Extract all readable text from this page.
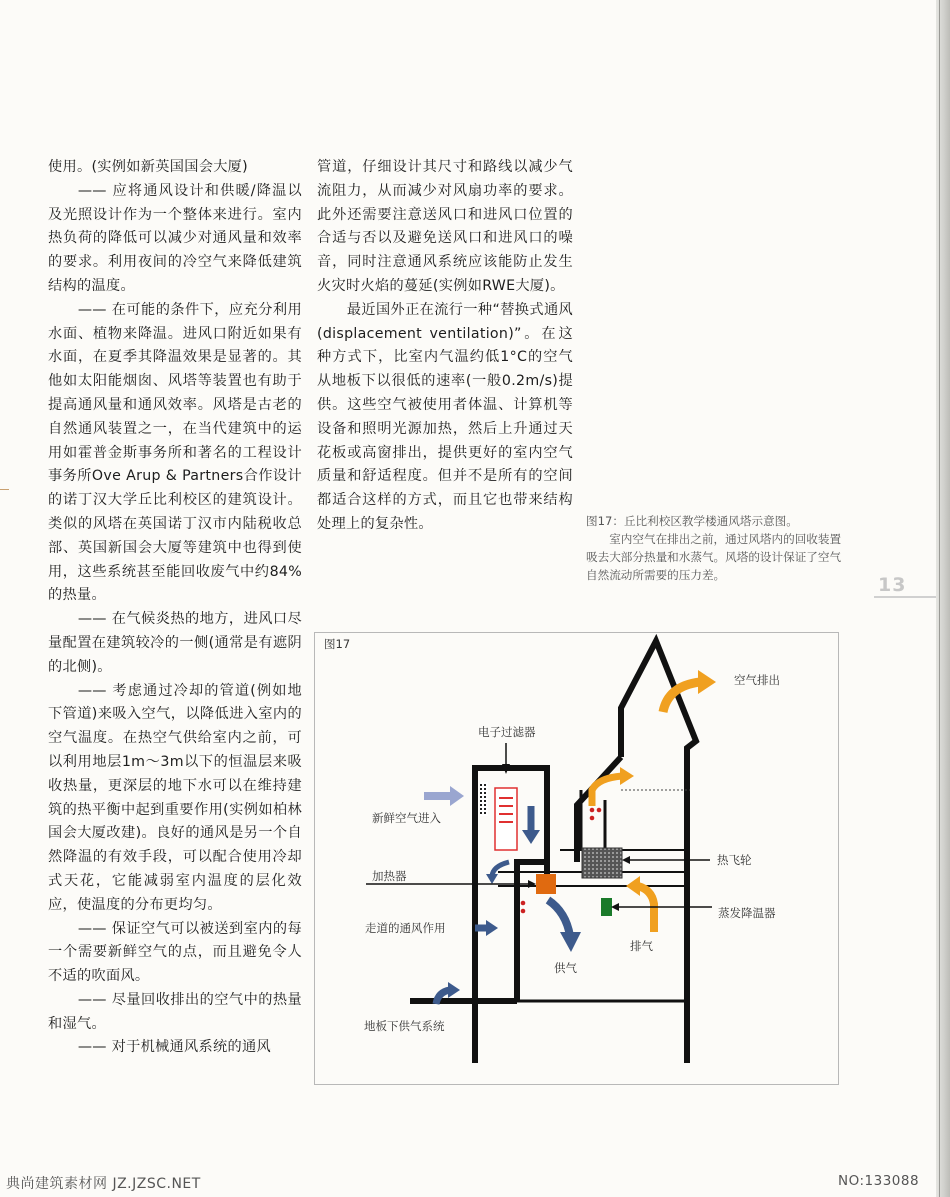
使用。(实例如新英国国会大厦)

—— 应将通风设计和供暖/降温以及光照设计作为一个整体来进行。室内热负荷的降低可以减少对通风量和效率的要求。利用夜间的冷空气来降低建筑结构的温度。

—— 在可能的条件下，应充分利用水面、植物来降温。进风口附近如果有水面，在夏季其降温效果是显著的。其他如太阳能烟囱、风塔等装置也有助于提高通风量和通风效率。风塔是古老的自然通风装置之一，在当代建筑中的运用如霍普金斯事务所和著名的工程设计事务所Ove Arup & Partners合作设计的诺丁汉大学丘比利校区的建筑设计。类似的风塔在英国诺丁汉市内陆税收总部、英国新国会大厦等建筑中也得到使用，这些系统甚至能回收废气中约84%的热量。

—— 在气候炎热的地方，进风口尽量配置在建筑较冷的一侧(通常是有遮阴的北侧)。

—— 考虑通过冷却的管道(例如地下管道)来吸入空气，以降低进入室内的空气温度。在热空气供给室内之前，可以利用地层1m～3m以下的恒温层来吸收热量，更深层的地下水可以在维持建筑的热平衡中起到重要作用(实例如柏林国会大厦改建)。良好的通风是另一个自然降温的有效手段，可以配合使用冷却式天花，它能减弱室内温度的层化效应，使温度的分布更均匀。

—— 保证空气可以被送到室内的每一个需要新鲜空气的点，而且避免令人不适的吹面风。

—— 尽量回收排出的空气中的热量和湿气。

—— 对于机械通风系统的通风

管道，仔细设计其尺寸和路线以减少气流阻力，从而减少对风扇功率的要求。此外还需要注意送风口和进风口位置的合适与否以及避免送风口和进风口的噪音，同时注意通风系统应该能防止发生火灾时火焰的蔓延(实例如RWE大厦)。

最近国外正在流行一种“替换式通风(displacement ventilation)”。在这种方式下，比室内气温约低1°C的空气从地板下以很低的速率(一般0.2m/s)提供。这些空气被使用者体温、计算机等设备和照明光源加热，然后上升通过天花板或高窗排出，提供更好的室内空气质量和舒适程度。但并不是所有的空间都适合这样的方式，而且它也带来结构处理上的复杂性。	图17：丘比利校区教学楼通风塔示意图。

室内空气在排出之前，通过风塔内的回收装置吸去大部分热量和水蒸气。风塔的设计保证了空气自然流动所需要的压力差。	13
图17
空气排出
电子过滤器
新鲜空气进入
热飞轮
加热器
蒸发降温器
走道的通风作用
排气
供气
地板下供气系统
典尚建筑素材网 JZ.JZSC.NET	NO:133088
